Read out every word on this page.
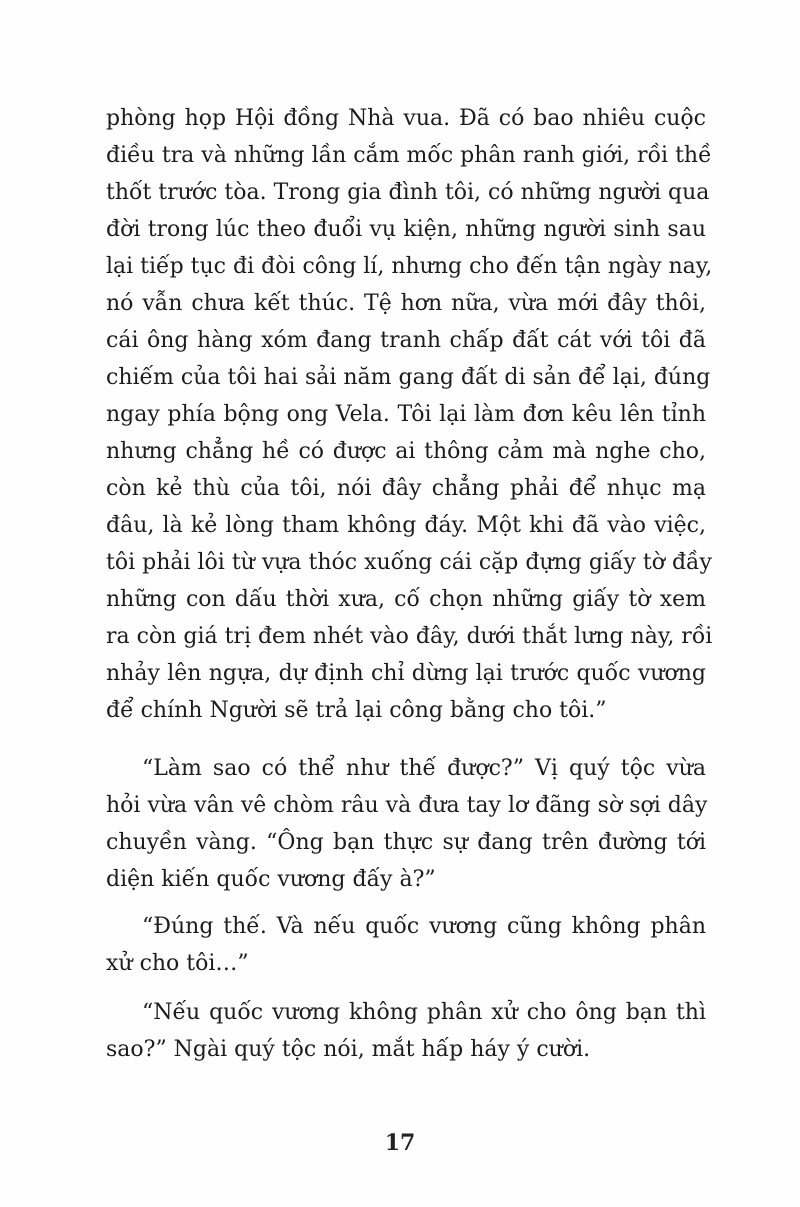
phòng họp Hội đồng Nhà vua. Đã có bao nhiêu cuộc
điều tra và những lần cắm mốc phân ranh giới, rồi thề
thốt trước tòa. Trong gia đình tôi, có những người qua
đời trong lúc theo đuổi vụ kiện, những người sinh sau
lại tiếp tục đi đòi công lí, nhưng cho đến tận ngày nay,
nó vẫn chưa kết thúc. Tệ hơn nữa, vừa mới đây thôi,
cái ông hàng xóm đang tranh chấp đất cát với tôi đã
chiếm của tôi hai sải năm gang đất di sản để lại, đúng
ngay phía bộng ong Vela. Tôi lại làm đơn kêu lên tỉnh
nhưng chẳng hề có được ai thông cảm mà nghe cho,
còn kẻ thù của tôi, nói đây chẳng phải để nhục mạ
đâu, là kẻ lòng tham không đáy. Một khi đã vào việc,
tôi phải lôi từ vựa thóc xuống cái cặp đựng giấy tờ đầy
những con dấu thời xưa, cố chọn những giấy tờ xem
ra còn giá trị đem nhét vào đây, dưới thắt lưng này, rồi
nhảy lên ngựa, dự định chỉ dừng lại trước quốc vương
để chính Người sẽ trả lại công bằng cho tôi.”
“Làm sao có thể như thế được?” Vị quý tộc vừa
hỏi vừa vân vê chòm râu và đưa tay lơ đãng sờ sợi dây
chuyền vàng. “Ông bạn thực sự đang trên đường tới
diện kiến quốc vương đấy à?”
“Đúng thế. Và nếu quốc vương cũng không phân
xử cho tôi…”
“Nếu quốc vương không phân xử cho ông bạn thì
sao?” Ngài quý tộc nói, mắt hấp háy ý cười.
17
